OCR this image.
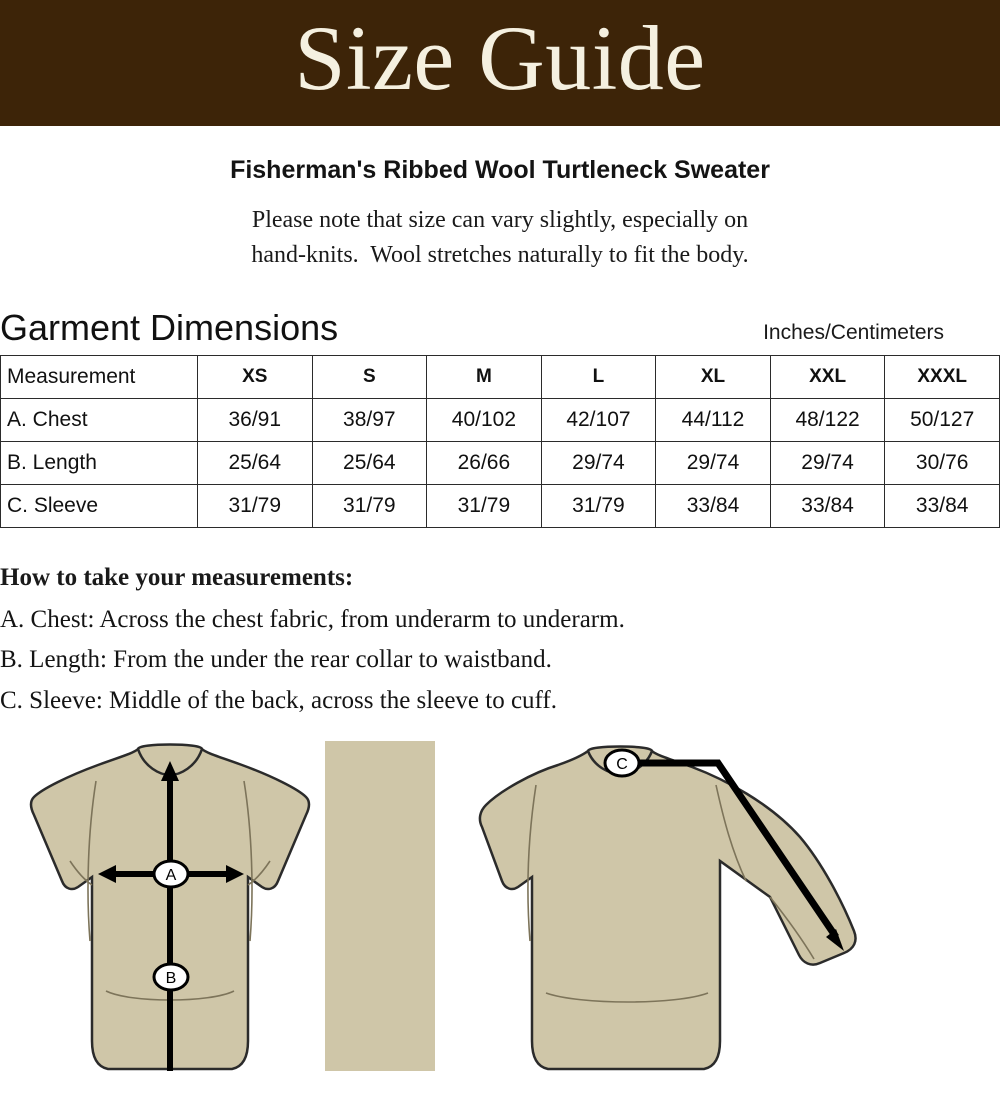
Size Guide
Fisherman's Ribbed Wool Turtleneck Sweater
Please note that size can vary slightly, especially on
hand-knits.  Wool stretches naturally to fit the body.
Garment Dimensions	Inches/Centimeters
Measurement	XS	S	M	L	XL	XXL	XXXL
A. Chest	36/91	38/97	40/102	42/107	44/112	48/122	50/127
B. Length	25/64	25/64	26/66	29/74	29/74	29/74	30/76
C. Sleeve	31/79	31/79	31/79	31/79	33/84	33/84	33/84
How to take your measurements:
A. Chest: Across the chest fabric, from underarm to underarm.
B. Length: From the under the rear collar to waistband.
C. Sleeve: Middle of the back, across the sleeve to cuff.
A
B
C
